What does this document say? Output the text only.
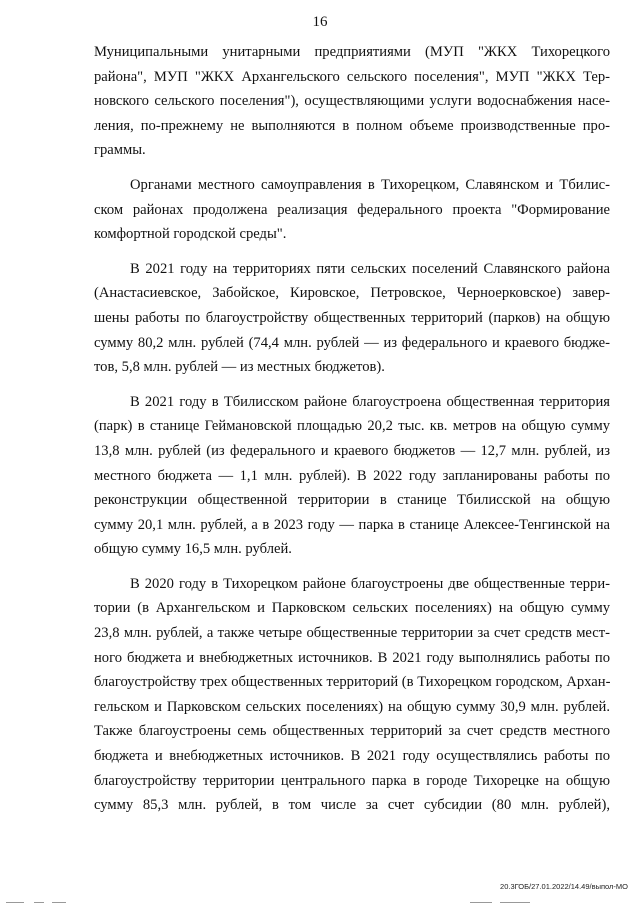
16
Муниципальными унитарными предприятиями (МУП "ЖКХ Тихорецкого
района", МУП "ЖКХ Архангельского сельского поселения", МУП "ЖКХ Тер-
новского сельского поселения"), осуществляющими услуги водоснабжения насе-
ления, по-прежнему не выполняются в полном объеме производственные про-
граммы.
Органами местного самоуправления в Тихорецком, Славянском и Тбилис-
ском районах продолжена реализация федерального проекта "Формирование
комфортной городской среды".
В 2021 году на территориях пяти сельских поселений Славянского района
(Анастасиевское, Забойское, Кировское, Петровское, Черноерковское) завер-
шены работы по благоустройству общественных территорий (парков) на общую
сумму 80,2 млн. рублей (74,4 млн. рублей — из федерального и краевого бюдже-
тов, 5,8 млн. рублей — из местных бюджетов).
В 2021 году в Тбилисском районе благоустроена общественная территория
(парк) в станице Геймановской площадью 20,2 тыс. кв. метров на общую сумму
13,8 млн. рублей (из федерального и краевого бюджетов — 12,7 млн. рублей, из
местного бюджета — 1,1 млн. рублей). В 2022 году запланированы работы по
реконструкции общественной территории в станице Тбилисской на общую
сумму 20,1 млн. рублей, а в 2023 году — парка в станице Алексее-Тенгинской на
общую сумму 16,5 млн. рублей.
В 2020 году в Тихорецком районе благоустроены две общественные терри-
тории (в Архангельском и Парковском сельских поселениях) на общую сумму
23,8 млн. рублей, а также четыре общественные территории за счет средств мест-
ного бюджета и внебюджетных источников. В 2021 году выполнялись работы по
благоустройству трех общественных территорий (в Тихорецком городском, Архан-
гельском и Парковском сельских поселениях) на общую сумму 30,9 млн. рублей.
Также благоустроены семь общественных территорий за счет средств местного
бюджета и внебюджетных источников. В 2021 году осуществлялись работы по
благоустройству территории центрального парка в городе Тихорецке на общую
сумму 85,3 млн. рублей, в том числе за счет субсидии (80 млн. рублей),
20.3ГОБ/27.01.2022/14.49/выпол-МО
